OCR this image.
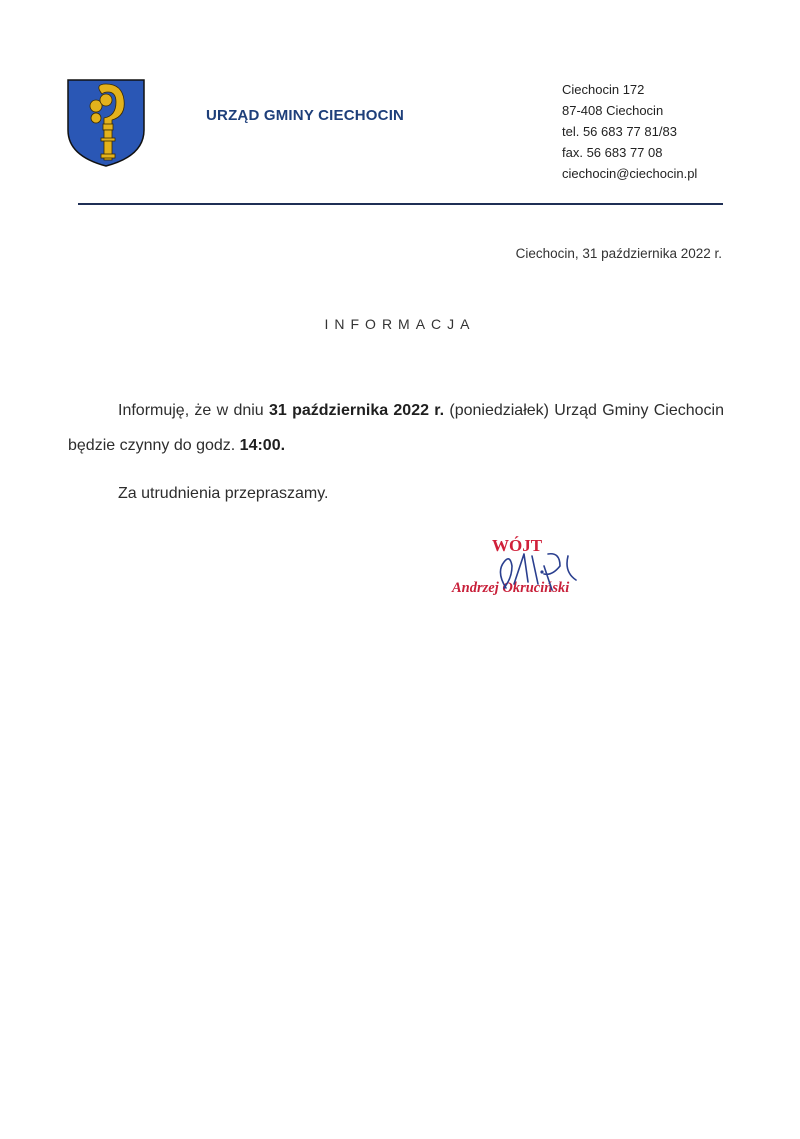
URZĄD GMINY CIECHOCIN
Ciechocin 172
87-408 Ciechocin
tel. 56 683 77 81/83
fax. 56 683 77 08
ciechocin@ciechocin.pl
Ciechocin, 31 października 2022 r.
INFORMACJA

Informuję, że w dniu 31 października 2022 r. (poniedziałek) Urząd Gminy Ciechocin będzie czynny do godz. 14:00.

Za utrudnienia przepraszamy.

WÓJT
Andrzej Okruciński
